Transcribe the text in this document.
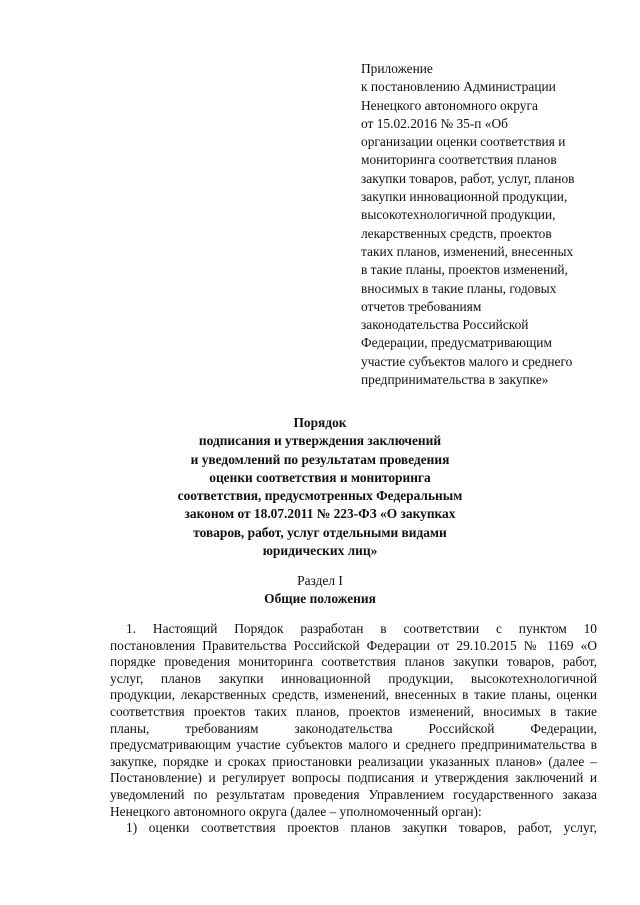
Приложение
к постановлению Администрации
Ненецкого автономного округа
от 15.02.2016 № 35-п «Об
организации оценки соответствия и
мониторинга соответствия планов
закупки товаров, работ, услуг, планов
закупки инновационной продукции,
высокотехнологичной продукции,
лекарственных средств, проектов
таких планов, изменений, внесенных
в такие планы, проектов изменений,
вносимых в такие планы, годовых
отчетов требованиям
законодательства Российской
Федерации, предусматривающим
участие субъектов малого и среднего
предпринимательства в закупке»
Порядок
подписания и утверждения заключений
и уведомлений по результатам проведения
оценки соответствия и мониторинга
соответствия, предусмотренных Федеральным
законом от 18.07.2011 № 223-ФЗ «О закупках
товаров, работ, услуг отдельными видами
юридических лиц»
Раздел I
Общие положения
1. Настоящий Порядок разработан в соответствии с пунктом 10
постановления Правительства Российской Федерации от 29.10.2015 № 1169 «О
порядке проведения мониторинга соответствия планов закупки товаров, работ,
услуг, планов закупки инновационной продукции, высокотехнологичной
продукции, лекарственных средств, изменений, внесенных в такие планы, оценки
соответствия проектов таких планов, проектов изменений, вносимых в такие
планы, требованиям законодательства Российской Федерации,
предусматривающим участие субъектов малого и среднего предпринимательства в
закупке, порядке и сроках приостановки реализации указанных планов» (далее –
Постановление) и регулирует вопросы подписания и утверждения заключений и
уведомлений по результатам проведения Управлением государственного заказа
Ненецкого автономного округа (далее – уполномоченный орган):
1) оценки соответствия проектов планов закупки товаров, работ, услуг,
